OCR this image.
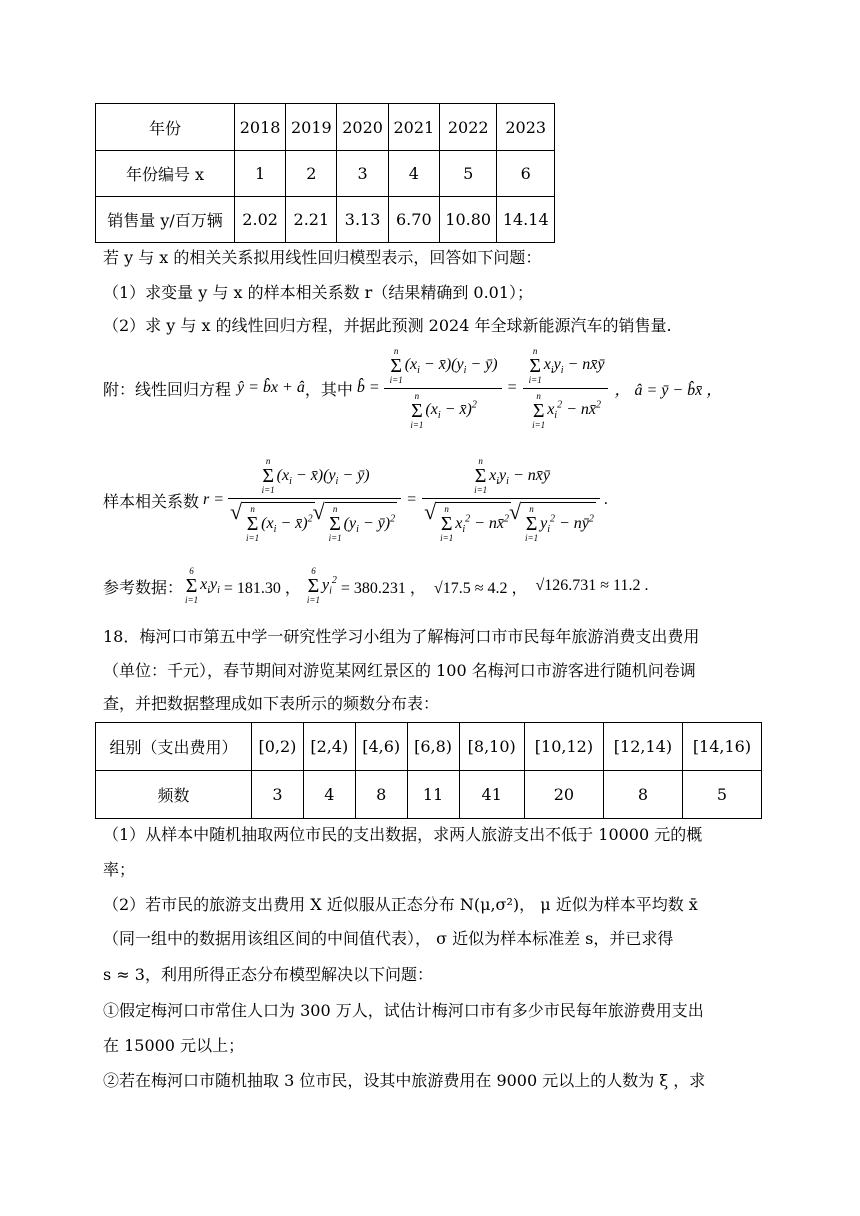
年份	2018	2019	2020	2021	2022	2023
年份编号 x	1	2	3	4	5	6
销售量 y/百万辆	2.02	2.21	3.13	6.70	10.80	14.14
若 y 与 x 的相关关系拟用线性回归模型表示，回答如下问题：
（1）求变量 y 与 x 的样本相关系数 r（结果精确到 0.01）；
（2）求 y 与 x 的线性回归方程，并据此预测 2024 年全球新能源汽车的销售量.
附：线性回归方程 ŷ = b̂x + â ，其中 b̂ = n
Σ
i=1
($x_i$ − $x̄)(y_i$ − ȳ)
n
Σ
i=1
($x_i$ − x̄)$^2$ = n
Σ
i=1
$x_iy_i$ − nx̄ȳ
n
Σ
i=1
$x_i^2$ − nx̄$^2$ ， â = ȳ − b̂x̄ ，
样本相关系数 r = n
Σ
i=1
($x_i$ − $x̄)(y_i$ − ȳ)
√ n
Σ
i=1
($x_i$ − x̄)$^2$
√ n
Σ
i=1
($y_i$ − ȳ)$^2$ = n
Σ
i=1
$x_iy_i$ − nx̄ȳ
√ n
Σ
i=1
$x_i^2$ − nx̄$^2$
√ n
Σ
i=1
$y_i^2$ − $nȳ^2$ .
参考数据：
6
Σ
i=1
$x_iy_i = 181.30$ ，
6
Σ
i=1
$y_i^2 = 380.231$ ， √17.5 ≈ 4.2 ， √126.731 ≈ 11.2 .
18．梅河口市第五中学一研究性学习小组为了解梅河口市市民每年旅游消费支出费用
（单位：千元），春节期间对游览某网红景区的 100 名梅河口市游客进行随机问卷调
查，并把数据整理成如下表所示的频数分布表：
组别（支出费用）	[0,2)	[2,4)	[4,6)	[6,8)	[8,10)	[10,12)	[12,14)	[14,16)
频数	3	4	8	11	41	20	8	5
（1）从样本中随机抽取两位市民的支出数据，求两人旅游支出不低于 10000 元的概
率；
（2）若市民的旅游支出费用 X 近似服从正态分布 N(μ,σ²)， μ 近似为样本平均数 x̄
（同一组中的数据用该组区间的中间值代表）， σ 近似为样本标准差 s，并已求得
s ≈ 3，利用所得正态分布模型解决以下问题：
①假定梅河口市常住人口为 300 万人，试估计梅河口市有多少市民每年旅游费用支出
在 15000 元以上；
②若在梅河口市随机抽取 3 位市民，设其中旅游费用在 9000 元以上的人数为 ξ ，求
